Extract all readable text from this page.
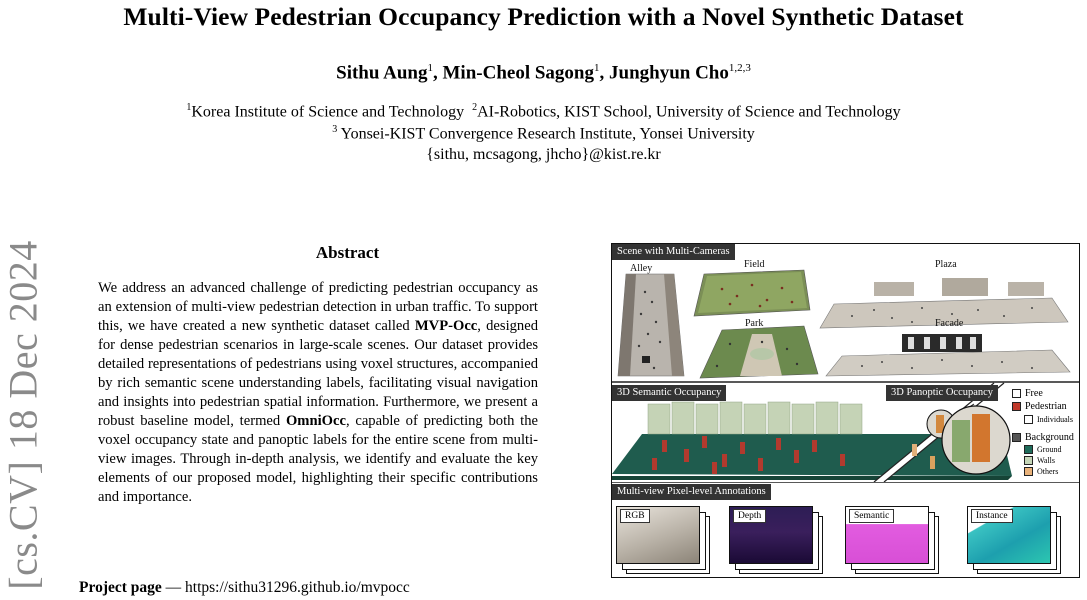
Multi-View Pedestrian Occupancy Prediction with a Novel Synthetic Dataset
Sithu Aung$^1$, Min-Cheol Sagong$^1$, Junghyun Cho$^{1,2,3}$
$^1$Korea Institute of Science and Technology $^2$AI-Robotics, KIST School, University of Science and Technology
$^3$ Yonsei-KIST Convergence Research Institute, Yonsei University
{sithu, mcsagong, jhcho}@kist.re.kr
[cs.CV] 18 Dec 2024	Abstract

We address an advanced challenge of predicting pedestrian occupancy as an extension of multi-view pedestrian detection in urban traffic. To support this, we have created a new synthetic dataset called MVP-Occ, designed for dense pedestrian scenarios in large-scale scenes. Our dataset provides detailed representations of pedestrians using voxel structures, accompanied by rich semantic scene understanding labels, facilitating visual navigation and insights into pedestrian spatial information. Furthermore, we present a robust baseline model, termed OmniOcc, capable of predicting both the voxel occupancy state and panoptic labels for the entire scene from multi-view images. Through in-depth analysis, we identify and evaluate the key elements of our proposed model, highlighting their specific contributions and importance.

Project page — https://sithu31296.github.io/mvpocc
Scene with Multi-Cameras
3D Semantic Occupancy	3D Panoptic Occupancy
Multi-view Pixel-level Annotations
Alley	Field	Plaza
Park	Facade
Free
Pedestrian
Individuals
Background
Ground
Walls
Others
RGB	Depth	Semantic	Instance
